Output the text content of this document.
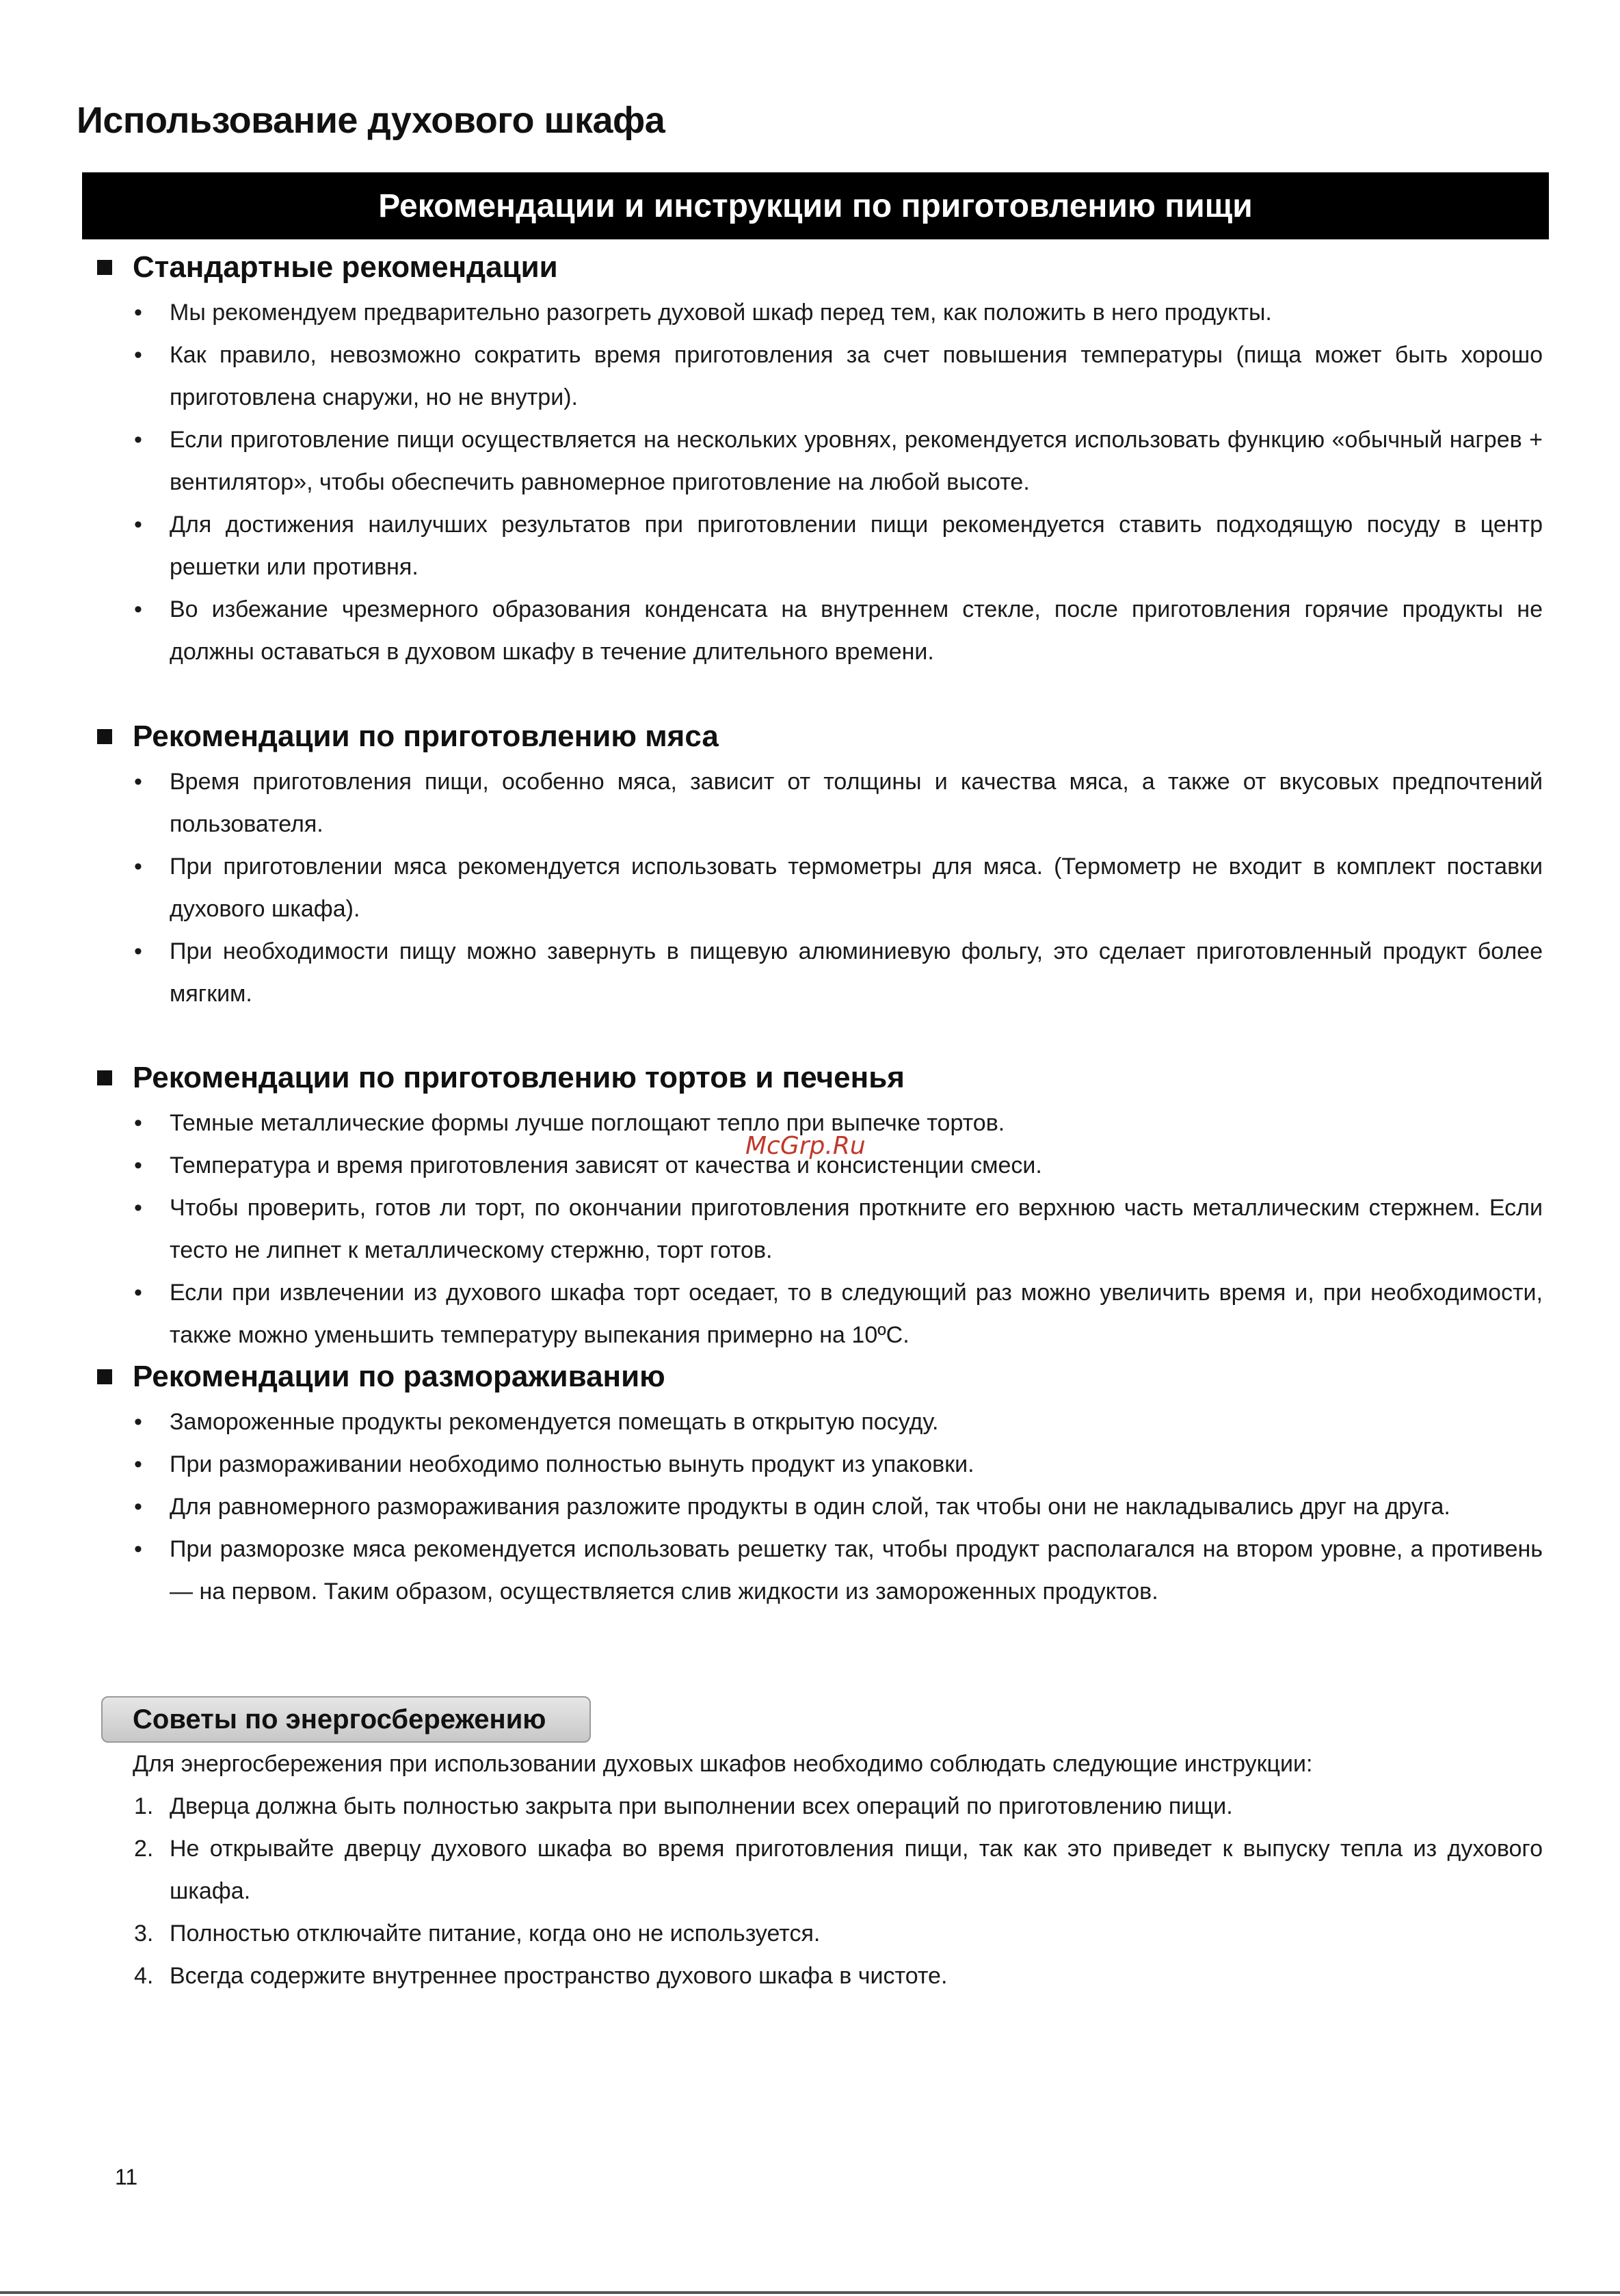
Использование духового шкафа
Рекомендации и инструкции по приготовлению пищи
Стандартные рекомендации
• Мы рекомендуем предварительно разогреть духовой шкаф перед тем, как положить в него продукты.
• Как правило, невозможно сократить время приготовления за счет повышения температуры (пища может быть хорошо приготовлена снаружи, но не внутри).
• Если приготовление пищи осуществляется на нескольких уровнях, рекомендуется использовать функцию «обычный нагрев + вентилятор», чтобы обеспечить равномерное приготовление на любой высоте.
• Для достижения наилучших результатов при приготовлении пищи рекомендуется ставить подходящую посуду в центр решетки или противня.
• Во избежание чрезмерного образования конденсата на внутреннем стекле, после приготовления горячие продукты не должны оставаться в духовом шкафу в течение длительного времени.
Рекомендации по приготовлению мяса
• Время приготовления пищи, особенно мяса, зависит от толщины и качества мяса, а также от вкусовых предпочтений пользователя.
• При приготовлении мяса рекомендуется использовать термометры для мяса. (Термометр не входит в комплект поставки духового шкафа).
• При необходимости пищу можно завернуть в пищевую алюминиевую фольгу, это сделает приготовленный продукт более мягким.
Рекомендации по приготовлению тортов и печенья
• Темные металлические формы лучше поглощают тепло при выпечке тортов.
• Температура и время приготовления зависят от качества и консистенции смеси.
• Чтобы проверить, готов ли торт, по окончании приготовления проткните его верхнюю часть металлическим стержнем. Если тесто не липнет к металлическому стержню, торт готов.
• Если при извлечении из духового шкафа торт оседает, то в следующий раз можно увеличить время и, при необходимости, также можно уменьшить температуру выпекания примерно на 10ºС.
Рекомендации по размораживанию
• Замороженные продукты рекомендуется помещать в открытую посуду.
• При размораживании необходимо полностью вынуть продукт из упаковки.
• Для равномерного размораживания разложите продукты в один слой, так чтобы они не накладывались друг на друга.
• При разморозке мяса рекомендуется использовать решетку так, чтобы продукт располагался на втором уровне, а противень — на первом. Таким образом, осуществляется слив жидкости из замороженных продуктов.
McGrp.Ru
Советы по энергосбережению
Для энергосбережения при использовании духовых шкафов необходимо соблюдать следующие инструкции:
1. Дверца должна быть полностью закрыта при выполнении всех операций по приготовлению пищи.
2. Не открывайте дверцу духового шкафа во время приготовления пищи, так как это приведет к выпуску тепла из духового шкафа.
3. Полностью отключайте питание, когда оно не используется.
4. Всегда содержите внутреннее пространство духового шкафа в чистоте.
11
